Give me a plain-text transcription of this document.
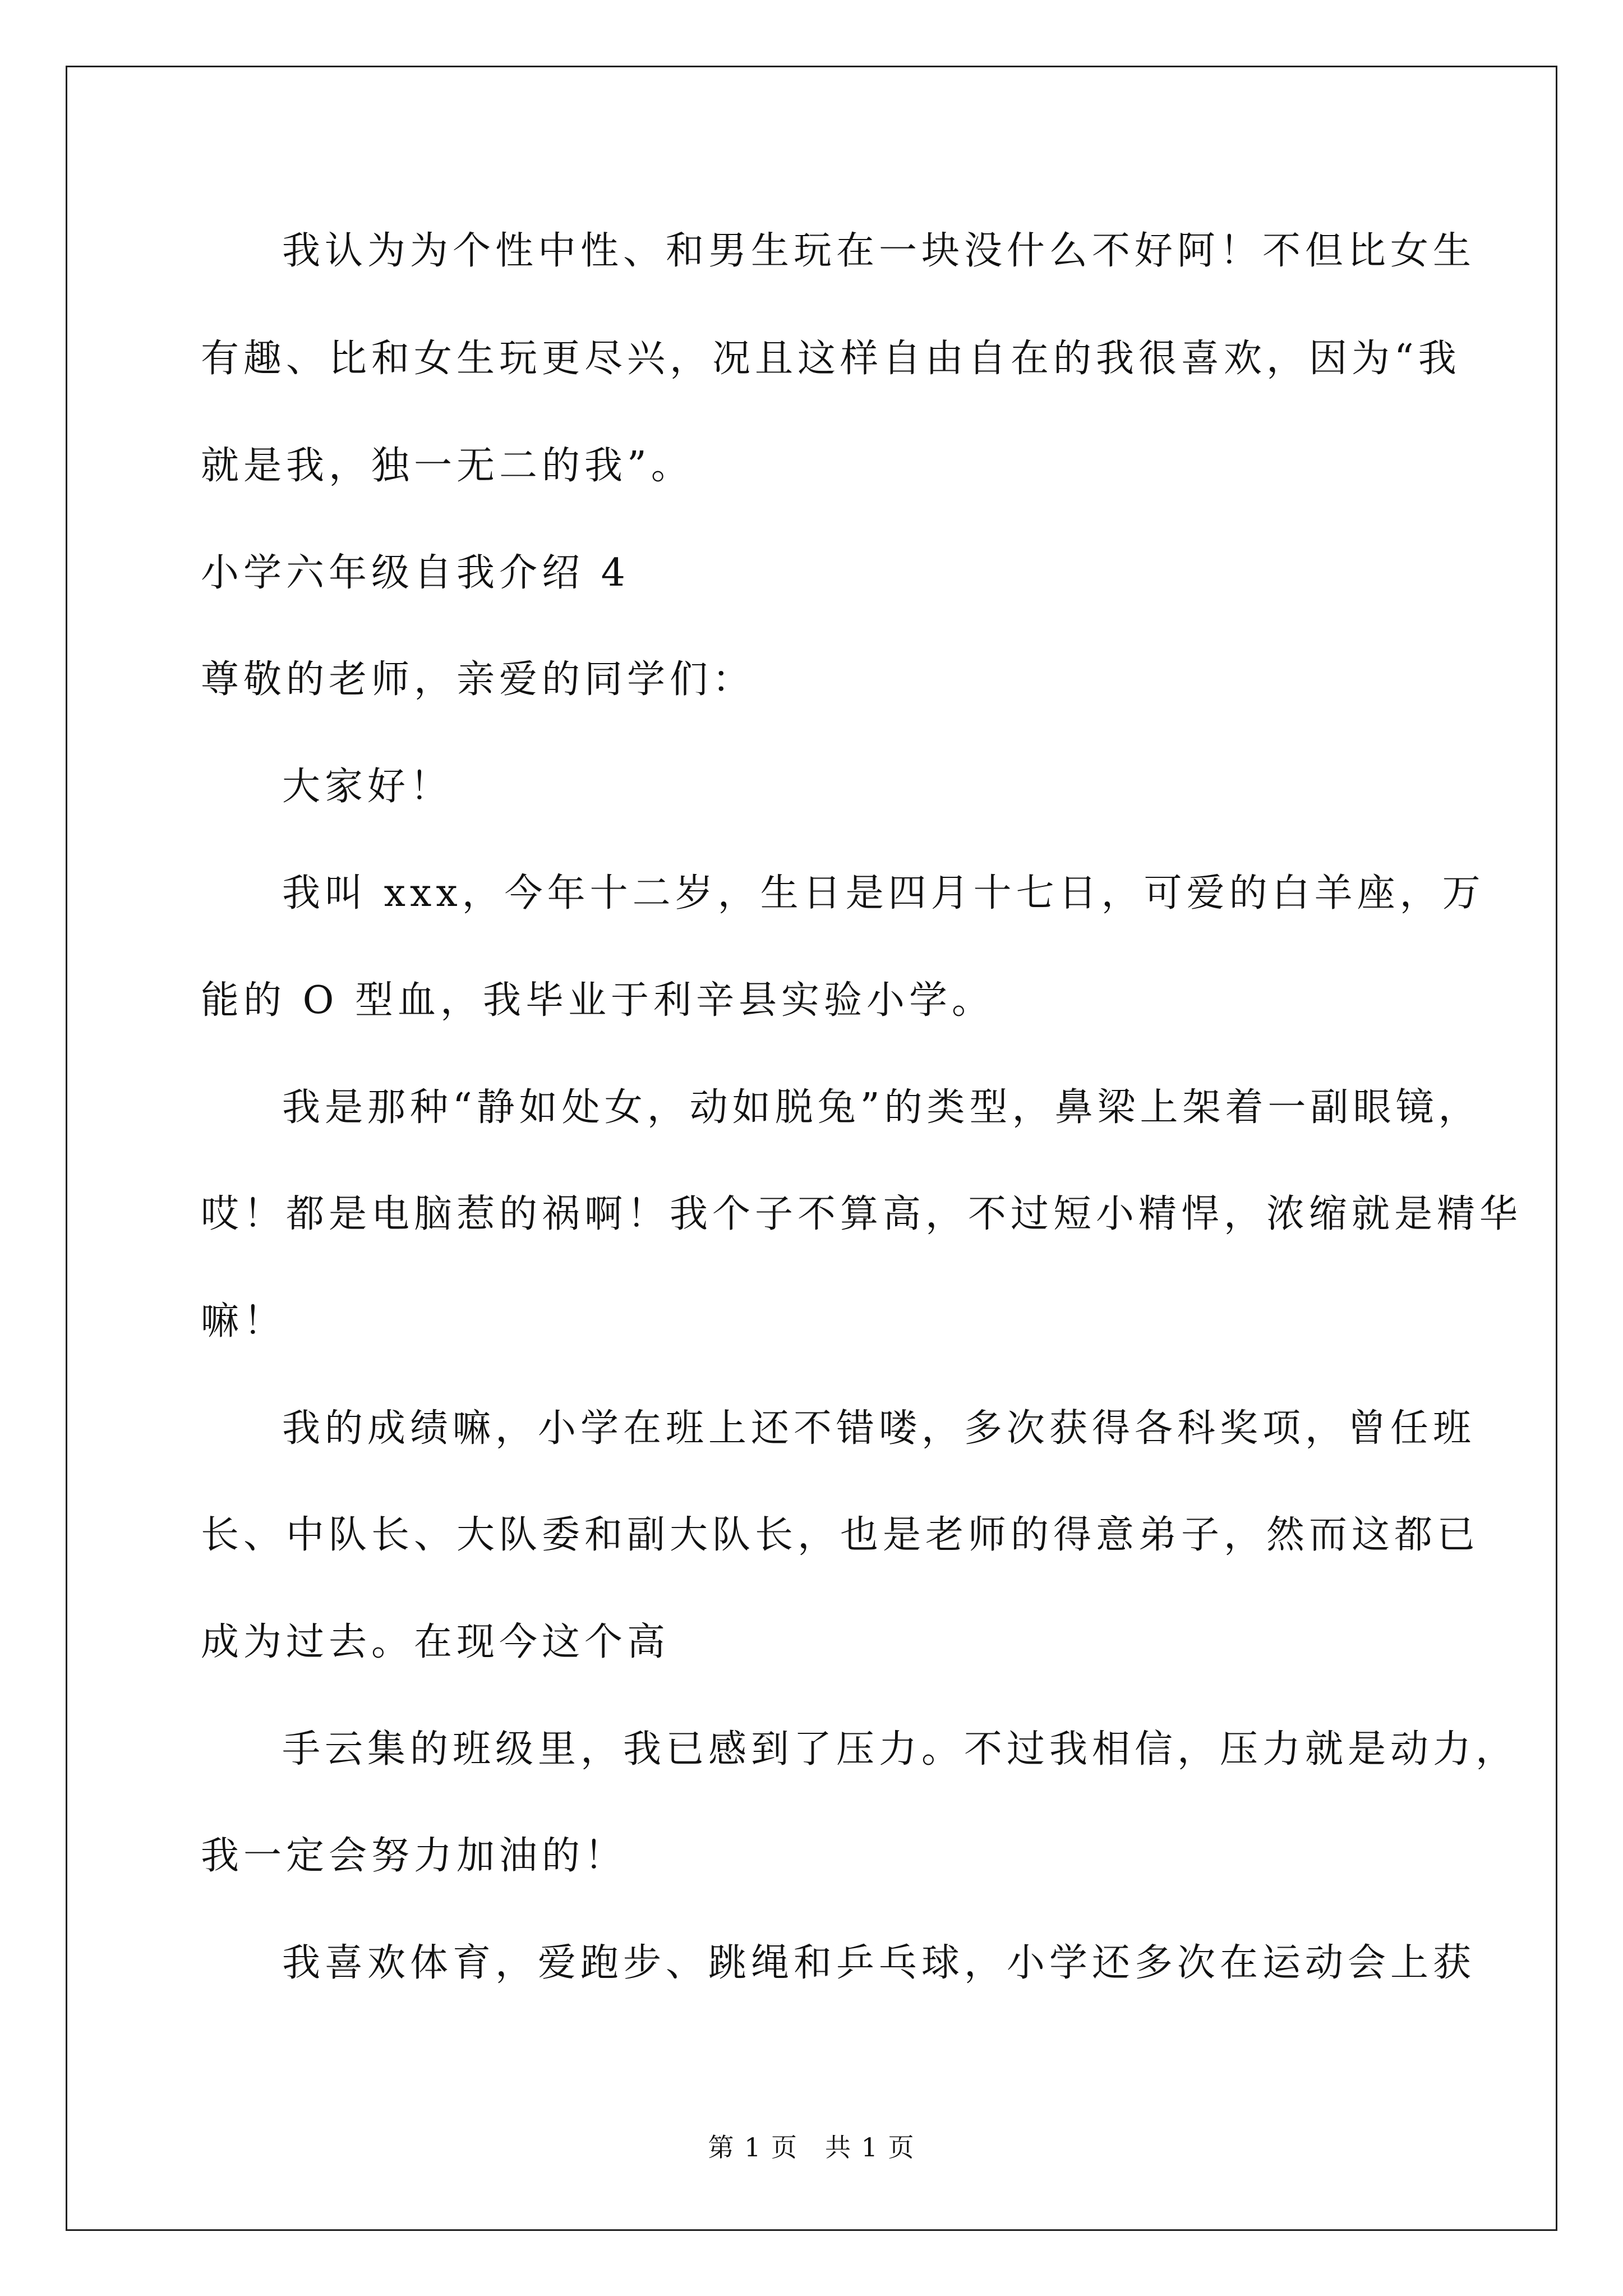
我认为为个性中性、和男生玩在一块没什么不好阿！不但比女生
有趣、比和女生玩更尽兴，况且这样自由自在的我很喜欢，因为“我
就是我，独一无二的我”。
小学六年级自我介绍 4
尊敬的老师，亲爱的同学们：
大家好！
我叫 xxx，今年十二岁，生日是四月十七日，可爱的白羊座，万
能的 O 型血，我毕业于利辛县实验小学。
我是那种“静如处女，动如脱兔”的类型，鼻梁上架着一副眼镜，
哎！都是电脑惹的祸啊！我个子不算高，不过短小精悍，浓缩就是精华
嘛！
我的成绩嘛，小学在班上还不错喽，多次获得各科奖项，曾任班
长、中队长、大队委和副大队长，也是老师的得意弟子，然而这都已
成为过去。在现今这个高
手云集的班级里，我已感到了压力。不过我相信，压力就是动力，
我一定会努力加油的！
我喜欢体育，爱跑步、跳绳和乒乓球，小学还多次在运动会上获
第 1 页　共 1 页
